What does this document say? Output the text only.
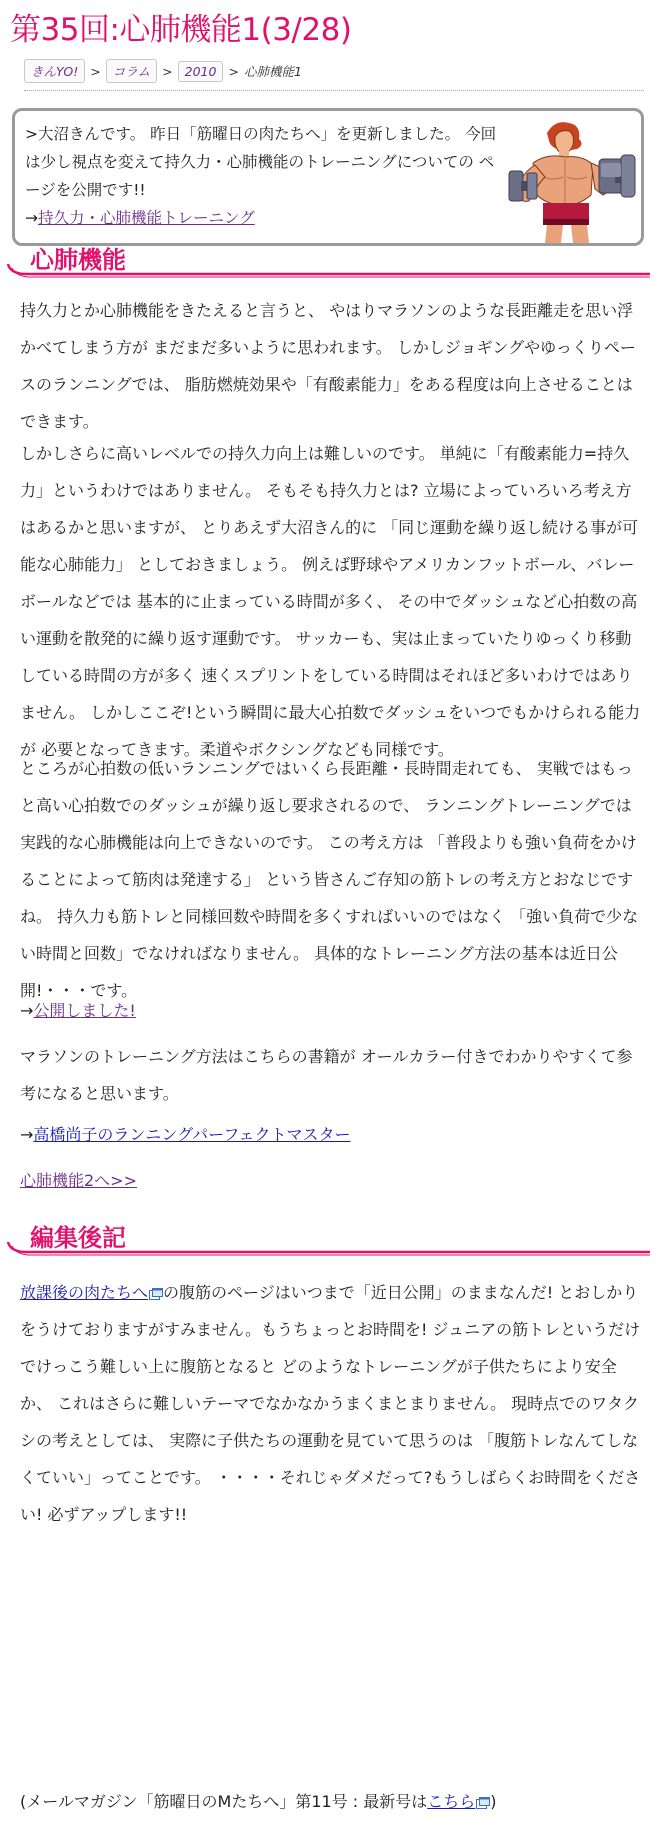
第35回:心肺機能1(3/28)
きんYO! > コラム > 2010 > 心肺機能1
>大沼きんです。 昨日「筋曜日の肉たちへ」を更新しました。 今回は少し視点を変えて持久力・心肺機能のトレーニングについての ページを公開です!!
→持久力・心肺機能トレーニング
心肺機能

持久力とか心肺機能をきたえると言うと、 やはりマラソンのような長距離走を思い浮かべてしまう方が まだまだ多いように思われます。 しかしジョギングやゆっくりペースのランニングでは、 脂肪燃焼効果や「有酸素能力」をある程度は向上させることはできます。

しかしさらに高いレベルでの持久力向上は難しいのです。 単純に「有酸素能力=持久力」というわけではありません。 そもそも持久力とは? 立場によっていろいろ考え方はあるかと思いますが、 とりあえず大沼きん的に 「同じ運動を繰り返し続ける事が可能な心肺能力」 としておきましょう。 例えば野球やアメリカンフットボール、バレーボールなどでは 基本的に止まっている時間が多く、 その中でダッシュなど心拍数の高い運動を散発的に繰り返す運動です。 サッカーも、実は止まっていたりゆっくり移動している時間の方が多く 速くスプリントをしている時間はそれほど多いわけではありません。 しかしここぞ!という瞬間に最大心拍数でダッシュをいつでもかけられる能力が 必要となってきます。柔道やボクシングなども同様です。

ところが心拍数の低いランニングではいくら長距離・長時間走れても、 実戦ではもっと高い心拍数でのダッシュが繰り返し要求されるので、 ランニングトレーニングでは実践的な心肺機能は向上できないのです。 この考え方は 「普段よりも強い負荷をかけることによって筋肉は発達する」 という皆さんご存知の筋トレの考え方とおなじですね。 持久力も筋トレと同様回数や時間を多くすればいいのではなく 「強い負荷で少ない時間と回数」でなければなりません。 具体的なトレーニング方法の基本は近日公開!・・・です。

→公開しました!

マラソンのトレーニング方法はこちらの書籍が オールカラー付きでわかりやすくて参考になると思います。

→高橋尚子のランニングパーフェクトマスター

心肺機能2へ>>

編集後記

放課後の肉たちへ の腹筋のページはいつまで「近日公開」のままなんだ! とおしかりをうけておりますがすみません。もうちょっとお時間を! ジュニアの筋トレというだけでけっこう難しい上に腹筋となると どのようなトレーニングが子供たちにより安全か、 これはさらに難しいテーマでなかなかうまくまとまりません。 現時点でのワタクシの考えとしては、 実際に子供たちの運動を見ていて思うのは 「腹筋トレなんてしなくていい」ってことです。 ・・・・それじゃダメだって?もうしばらくお時間をください! 必ずアップします!!

(メールマガジン「筋曜日のMたちへ」第11号 : 最新号はこちら )
